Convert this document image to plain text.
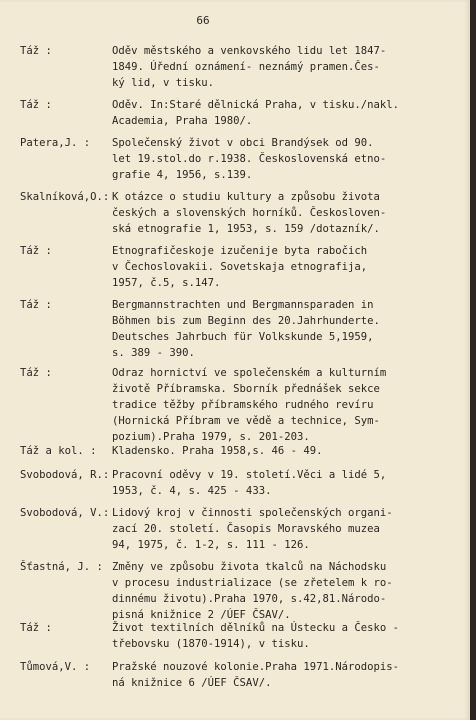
66
Táž :	Oděv městského a venkovského lidu let 1847-
1849. Úřední oznámení- neznámý pramen.Čes-
ký lid, v tisku.
Táž :	Oděv. In:Staré dělnická Praha, v tisku./nakl.
Academia, Praha 1980/.
Patera,J. : Společenský život v obci Brandýsek od 90.
let 19.stol.do r.1938. Československá etno-
grafie 4, 1956, s.139.
Skalníková,O.: K otázce o studiu kultury a způsobu života
českých a slovenských horníků. Českosloven-
ská etnografie 1, 1953, s. 159 /dotazník/.
Táž :	Etnografičeskoje izučenije byta rabočich
v Čechoslovakii. Sovetskaja etnografija,
1957, č.5, s.147.
Táž :	Bergmannstrachten und Bergmannsparaden in
Böhmen bis zum Beginn des 20.Jahrhunderte.
Deutsches Jahrbuch für Volkskunde 5,1959,
s. 389 - 390.
Táž :	Odraz hornictví ve společenském a kulturním
životě Příbramska. Sborník přednášek sekce
tradice těžby příbramského rudného revíru
(Hornická Příbram ve vědě a technice, Sym-
pozium).Praha 1979, s. 201-203.
Táž a kol. : Kladensko. Praha 1958,s. 46 - 49.
Svobodová, R.: Pracovní oděvy v 19. století.Věci a lidé 5,
1953, č. 4, s. 425 - 433.
Svobodová, V.: Lidový kroj v činnosti společenských organi-
zací 20. století. Časopis Moravského muzea
94, 1975, č. 1-2, s. 111 - 126.
Šťastná, J. : Změny ve způsobu života tkalců na Náchodsku
v procesu industrializace (se zřetelem k ro-
dinnému životu).Praha 1970, s.42,81.Národo-
pisná knižnice 2 /ÚEF ČSAV/.
Táž :	Život textilních dělníků na Ústecku a Česko -
třebovsku (1870-1914), v tisku.
Tůmová,V. : Pražské nouzové kolonie.Praha 1971.Národopis-
ná knižnice 6 /ÚEF ČSAV/.
